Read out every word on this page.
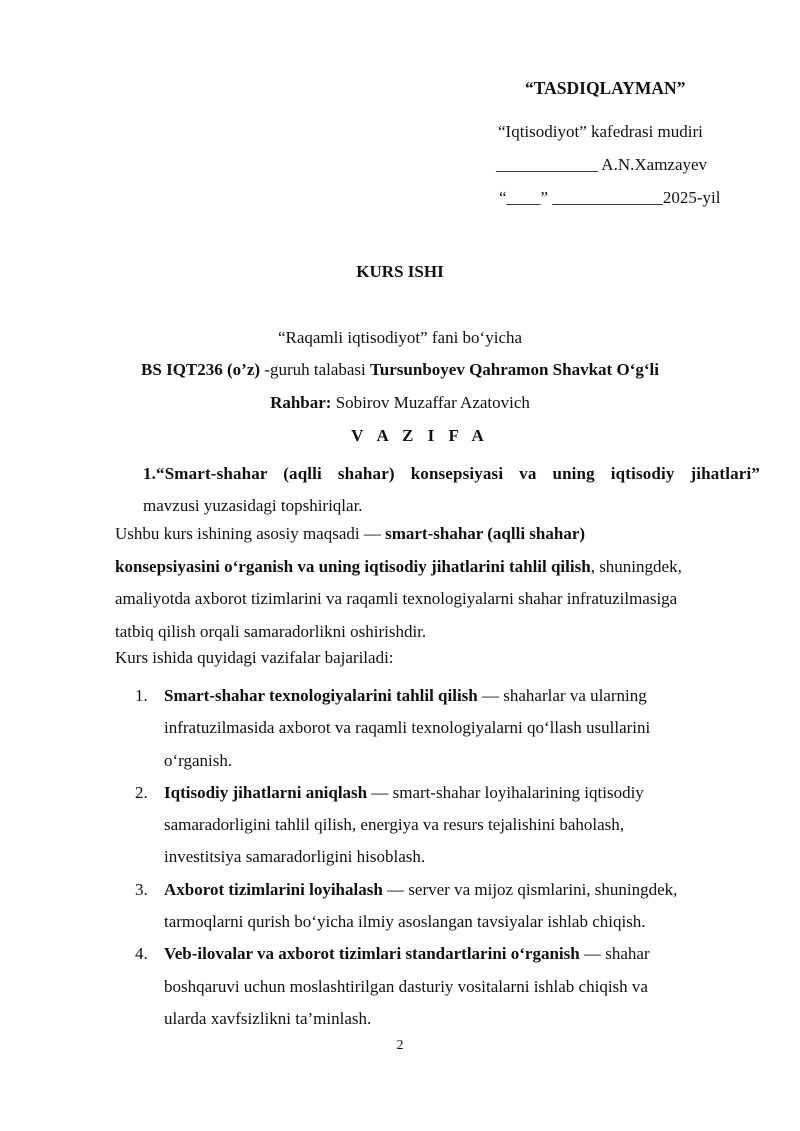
“TASDIQLAYMAN”
“Iqtisodiyot” kafedrasi mudiri
____________ A.N.Xamzayev
“____” _____________2025-yil
KURS ISHI
“Raqamli iqtisodiyot” fani bo‘yicha
BS IQT236 (o’z) -guruh talabasi Tursunboyev Qahramon Shavkat O‘g‘li
Rahbar: Sobirov Muzaffar Azatovich
V A Z I F A
1.“Smart-shahar (aqlli shahar) konsepsiyasi va uning iqtisodiy jihatlari”
mavzusi yuzasidagi topshiriqlar.
Ushbu kurs ishining asosiy maqsadi — smart-shahar (aqlli shahar)
konsepsiyasini o‘rganish va uning iqtisodiy jihatlarini tahlil qilish, shuningdek,
amaliyotda axborot tizimlarini va raqamli texnologiyalarni shahar infratuzilmasiga
tatbiq qilish orqali samaradorlikni oshirishdir.
Kurs ishida quyidagi vazifalar bajariladi:
1. Smart-shahar texnologiyalarini tahlil qilish — shaharlar va ularning
infratuzilmasida axborot va raqamli texnologiyalarni qo‘llash usullarini
o‘rganish.
2. Iqtisodiy jihatlarni aniqlash — smart-shahar loyihalarining iqtisodiy
samaradorligini tahlil qilish, energiya va resurs tejalishini baholash,
investitsiya samaradorligini hisoblash.
3. Axborot tizimlarini loyihalash — server va mijoz qismlarini, shuningdek,
tarmoqlarni qurish bo‘yicha ilmiy asoslangan tavsiyalar ishlab chiqish.
4. Veb-ilovalar va axborot tizimlari standartlarini o‘rganish — shahar
boshqaruvi uchun moslashtirilgan dasturiy vositalarni ishlab chiqish va
ularda xavfsizlikni ta’minlash.
2
